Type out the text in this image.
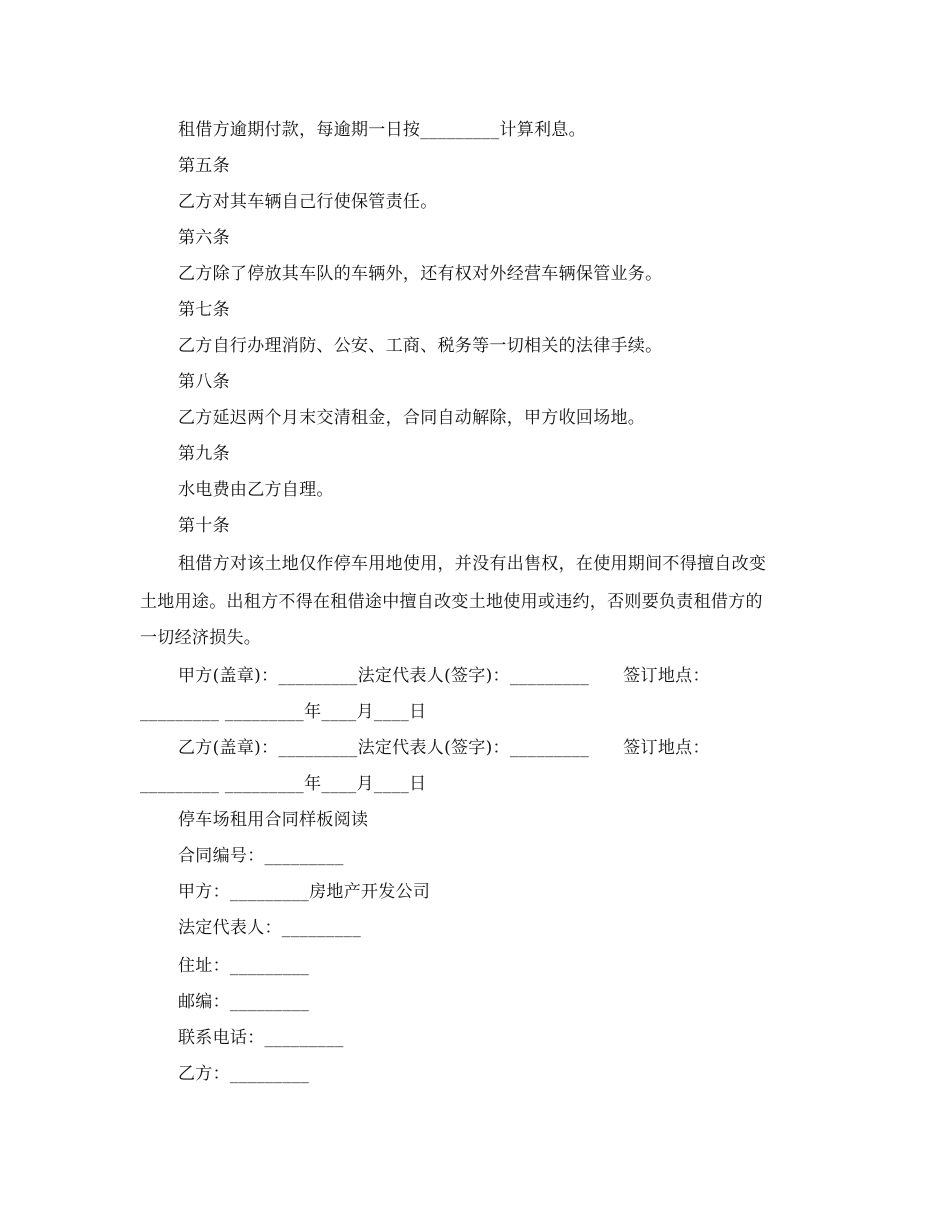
租借方逾期付款，每逾期一日按_________计算利息。
第五条
乙方对其车辆自己行使保管责任。
第六条
乙方除了停放其车队的车辆外，还有权对外经营车辆保管业务。
第七条
乙方自行办理消防、公安、工商、税务等一切相关的法律手续。
第八条
乙方延迟两个月末交清租金，合同自动解除，甲方收回场地。
第九条
水电费由乙方自理。
第十条
租借方对该土地仅作停车用地使用，并没有出售权，在使用期间不得擅自改变
土地用途。出租方不得在租借途中擅自改变土地使用或违约，否则要负责租借方的
一切经济损失。
甲方(盖章)：_________法定代表人(签字)：_________      签订地点：
_________ _________年____月____日
乙方(盖章)：_________法定代表人(签字)：_________      签订地点：
_________ _________年____月____日
停车场租用合同样板阅读
合同编号：_________
甲方：_________房地产开发公司
法定代表人：_________
住址：_________
邮编：_________
联系电话：_________
乙方：_________
